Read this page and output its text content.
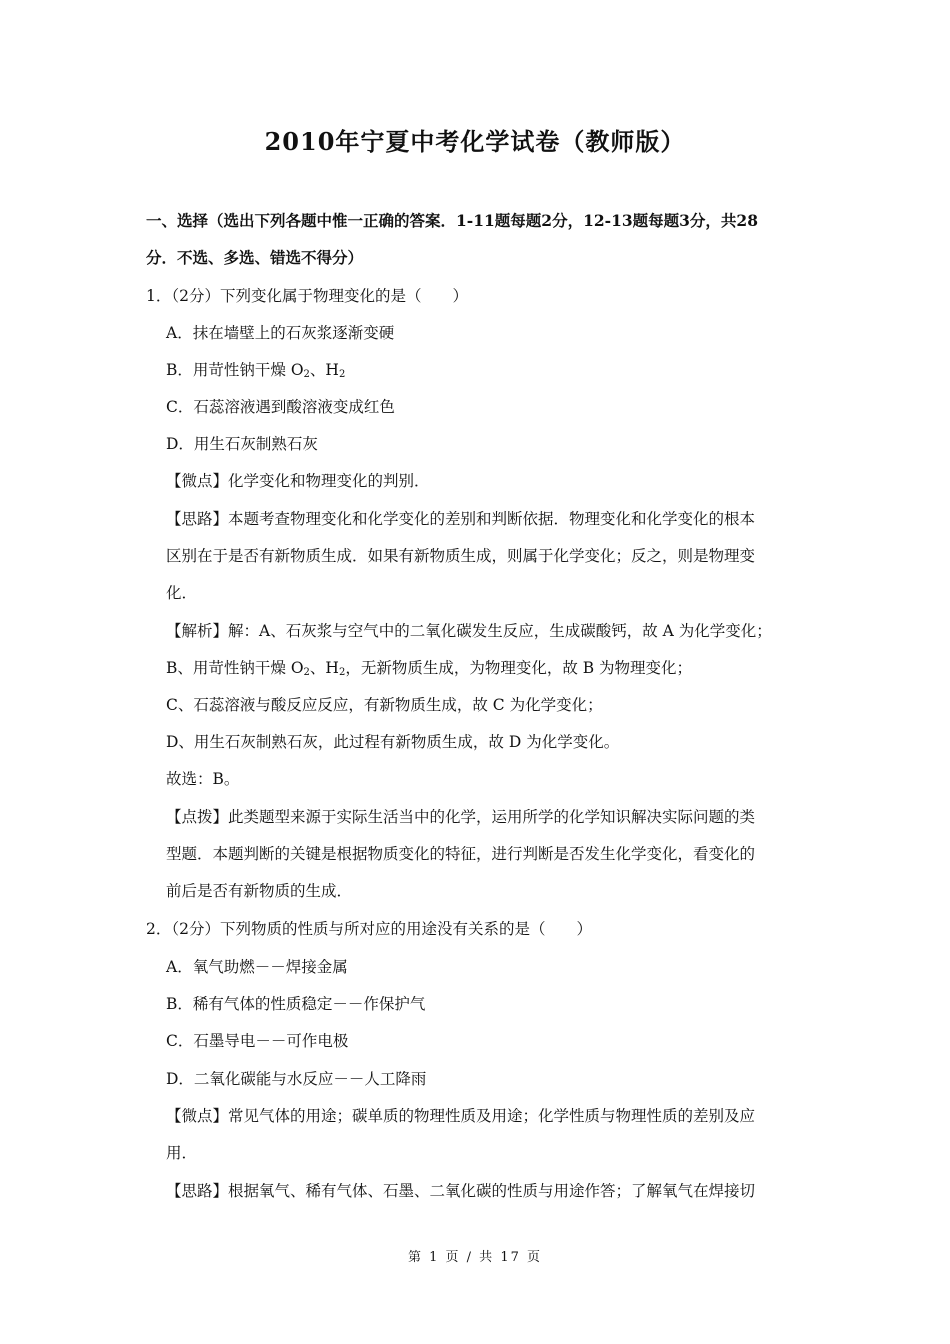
2010年宁夏中考化学试卷（教师版）
一、选择（选出下列各题中惟一正确的答案．1-11题每题2分，12-13题每题3分，共28
分．不选、多选、错选不得分）
1．（2分）下列变化属于物理变化的是（　　）
A．抹在墙壁上的石灰浆逐渐变硬
B．用苛性钠干燥 $O_2$、$H_2$
C．石蕊溶液遇到酸溶液变成红色
D．用生石灰制熟石灰
【微点】化学变化和物理变化的判别．
【思路】本题考查物理变化和化学变化的差别和判断依据．物理变化和化学变化的根本
区别在于是否有新物质生成．如果有新物质生成，则属于化学变化；反之，则是物理变
化．
【解析】解：A、石灰浆与空气中的二氧化碳发生反应，生成碳酸钙，故 A 为化学变化；
B、用苛性钠干燥 $O_2$、$H_2$，无新物质生成，为物理变化，故 B 为物理变化；
C、石蕊溶液与酸反应反应，有新物质生成，故 C 为化学变化；
D、用生石灰制熟石灰，此过程有新物质生成，故 D 为化学变化。
故选：B。
【点拨】此类题型来源于实际生活当中的化学，运用所学的化学知识解决实际问题的类
型题．本题判断的关键是根据物质变化的特征，进行判断是否发生化学变化，看变化的
前后是否有新物质的生成．
2．（2分）下列物质的性质与所对应的用途没有关系的是（　　）
A．氧气助燃－－焊接金属
B．稀有气体的性质稳定－－作保护气
C．石墨导电－－可作电极
D．二氧化碳能与水反应－－人工降雨
【微点】常见气体的用途；碳单质的物理性质及用途；化学性质与物理性质的差别及应
用．
【思路】根据氧气、稀有气体、石墨、二氧化碳的性质与用途作答；了解氧气在焊接切
第 1 页 / 共 17 页
